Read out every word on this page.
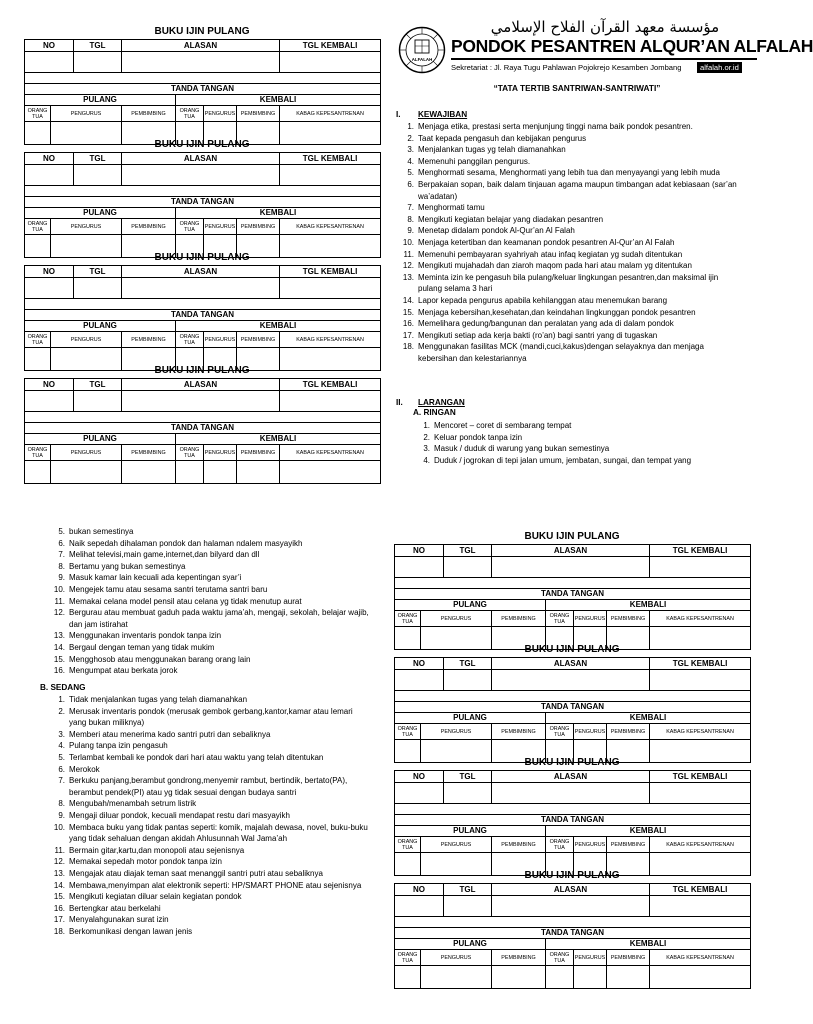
BUKU IJIN PULANG
NO		TGL	ALASAN				TGL KEMBALI

TANDA TANGAN							
PULANG				KEMBALI			
ORANG TUA	PENGURUS		PEMBIMBING	ORANG TUA	PENGURUS	PEMBIMBING	KABAG KEPESANTRENAN

BUKU IJIN PULANG
NO		TGL	ALASAN				TGL KEMBALI

TANDA TANGAN							
PULANG				KEMBALI			
ORANG TUA	PENGURUS		PEMBIMBING	ORANG TUA	PENGURUS	PEMBIMBING	KABAG KEPESANTRENAN

BUKU IJIN PULANG
NO		TGL	ALASAN				TGL KEMBALI

TANDA TANGAN							
PULANG				KEMBALI			
ORANG TUA	PENGURUS		PEMBIMBING	ORANG TUA	PENGURUS	PEMBIMBING	KABAG KEPESANTRENAN

BUKU IJIN PULANG
NO		TGL	ALASAN				TGL KEMBALI

TANDA TANGAN							
PULANG				KEMBALI			
ORANG TUA	PENGURUS		PEMBIMBING	ORANG TUA	PENGURUS	PEMBIMBING	KABAG KEPESANTRENAN

BUKU IJIN PULANG
NO		TGL	ALASAN				TGL KEMBALI

TANDA TANGAN							
PULANG				KEMBALI			
ORANG TUA	PENGURUS		PEMBIMBING	ORANG TUA	PENGURUS	PEMBIMBING	KABAG KEPESANTRENAN

BUKU IJIN PULANG
NO		TGL	ALASAN				TGL KEMBALI

TANDA TANGAN							
PULANG				KEMBALI			
ORANG TUA	PENGURUS		PEMBIMBING	ORANG TUA	PENGURUS	PEMBIMBING	KABAG KEPESANTRENAN

BUKU IJIN PULANG
NO		TGL	ALASAN				TGL KEMBALI

TANDA TANGAN							
PULANG				KEMBALI			
ORANG TUA	PENGURUS		PEMBIMBING	ORANG TUA	PENGURUS	PEMBIMBING	KABAG KEPESANTRENAN

BUKU IJIN PULANG
NO		TGL	ALASAN				TGL KEMBALI

TANDA TANGAN							
PULANG				KEMBALI			
ORANG TUA	PENGURUS		PEMBIMBING	ORANG TUA	PENGURUS	PEMBIMBING	KABAG KEPESANTRENAN

ALFALAH
مؤسسة معهد القرآن الفلاح الإسلامي
PONDOK PESANTREN ALQUR’AN ALFALAH
Sekretariat : Jl. Raya Tugu Pahlawan Pojokrejo Kesamben Jombang	alfalah.or.id
“TATA TERTIB SANTRIWAN-SANTRIWATI”
I. KEWAJIBAN
1. Menjaga etika, prestasi serta menjunjung tinggi nama baik pondok pesantren.
2. Taat kepada pengasuh dan kebijakan pengurus
3. Menjalankan tugas yg telah diamanahkan
4. Memenuhi panggilan pengurus.
5. Menghormati sesama, Menghormati yang lebih tua dan menyayangi yang lebih muda
6. Berpakaian sopan, baik dalam tinjauan agama maupun timbangan adat kebiasaan (sar’an wa’adatan)
7. Menghormati tamu
8. Mengikuti kegiatan belajar yang diadakan pesantren
9. Menetap didalam pondok Al-Qur’an Al Falah
10. Menjaga ketertiban dan keamanan pondok pesantren Al-Qur’an Al Falah
11. Memenuhi pembayaran syahriyah atau infaq kegiatan yg sudah ditentukan
12. Mengikuti mujahadah dan ziaroh maqom pada hari atau malam yg ditentukan
13. Meminta izin ke pengasuh bila pulang/keluar lingkungan pesantren,dan maksimal ijin pulang selama 3 hari
14. Lapor kepada pengurus apabila kehilanggan atau menemukan barang
15. Menjaga kebersihan,kesehatan,dan keindahan lingkunggan pondok pesantren
16. Memelihara gedung/bangunan dan peralatan yang ada di dalam pondok
17. Mengikuti setiap ada kerja bakti (ro’an) bagi santri yang di tugaskan
18. Menggunakan fasilitas MCK (mandi,cuci,kakus)dengan selayaknya dan menjaga kebersihan dan kelestariannya
II. LARANGAN
A. RINGAN
1. Mencoret – coret di sembarang tempat
2. Keluar pondok tanpa izin
3. Masuk / duduk di warung yang bukan semestinya
4. Duduk / jogrokan di tepi jalan umum, jembatan, sungai, dan tempat yang
5. bukan semestinya
6. Naik sepedah dihalaman pondok dan halaman ndalem masyayikh
7. Melihat televisi,main game,internet,dan bilyard dan dll
8. Bertamu yang bukan semestinya
9. Masuk kamar lain kecuali ada kepentingan syar’i
10. Mengejek tamu atau sesama santri terutama santri baru
11. Memakai celana model pensil atau celana yg tidak menutup aurat
12. Bergurau atau membuat gaduh pada waktu jama’ah, mengaji, sekolah, belajar wajib, dan jam istirahat
13. Menggunakan inventaris pondok tanpa izin
14. Bergaul dengan teman yang tidak mukim
15. Mengghosob atau menggunakan barang orang lain
16. Mengumpat atau berkata jorok
B. SEDANG
1. Tidak menjalankan tugas yang telah diamanahkan
2. Merusak inventaris pondok (merusak gembok gerbang,kantor,kamar atau lemari yang bukan miliknya)
3. Memberi atau menerima kado santri putri dan sebaliknya
4. Pulang tanpa izin pengasuh
5. Terlambat kembali ke pondok dari hari atau waktu yang telah ditentukan
6. Merokok
7. Berkuku panjang,berambut gondrong,menyemir rambut, bertindik, bertato(PA), berambut pendek(PI) atau yg tidak sesuai dengan budaya santri
8. Mengubah/menambah setrum listrik
9. Mengaji diluar pondok, kecuali mendapat restu dari masyayikh
10. Membaca buku yang tidak pantas seperti: komik, majalah dewasa, novel, buku-buku yang tidak sehaluan dengan akidah Ahlusunnah Wal Jama’ah
11. Bermain gitar,kartu,dan monopoli atau sejenisnya
12. Memakai sepedah motor pondok tanpa izin
13. Mengajak atau diajak teman saat menanggil santri putri atau sebaliknya
14. Membawa,menyimpan alat elektronik seperti: HP/SMART PHONE atau sejenisnya
15. Mengikuti kegiatan diluar selain kegiatan pondok
16. Bertengkar atau berkelahi
17. Menyalahgunakan surat izin
18. Berkomunikasi dengan lawan jenis
